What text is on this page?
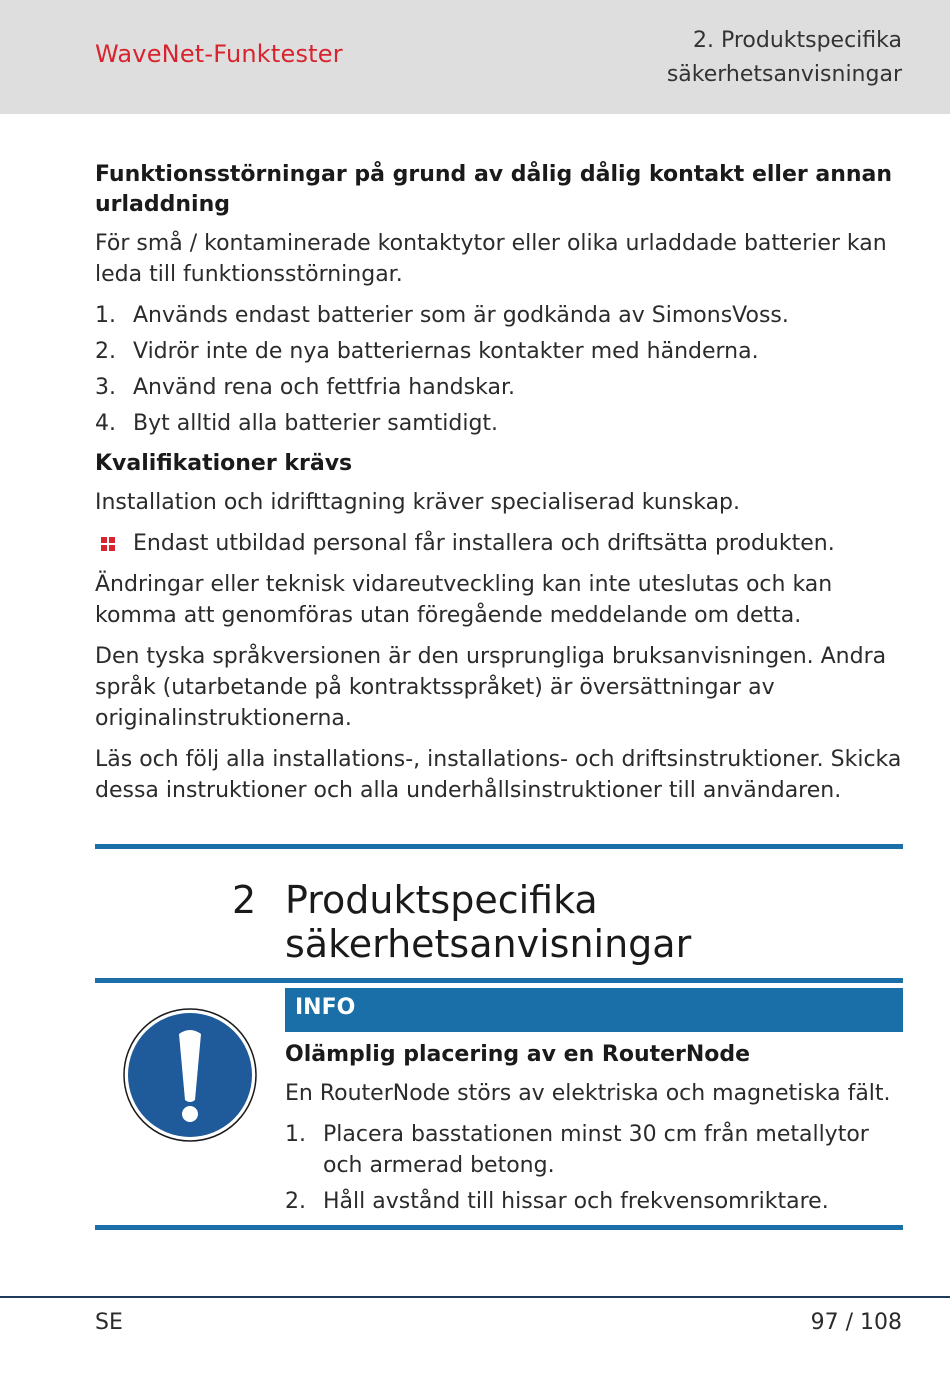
WaveNet-Funktester	2. Produktspecifika
säkerhetsanvisningar
Funktionsstörningar på grund av dålig dålig kontakt eller annan urladdning
För små / kontaminerade kontaktytor eller olika urladdade batterier kan leda till funktionsstörningar.
1. Används endast batterier som är godkända av SimonsVoss.
2. Vidrör inte de nya batteriernas kontakter med händerna.
3. Använd rena och fettfria handskar.
4. Byt alltid alla batterier samtidigt.
Kvalifikationer krävs
Installation och idrifttagning kräver specialiserad kunskap.
Endast utbildad personal får installera och driftsätta produkten.
Ändringar eller teknisk vidareutveckling kan inte uteslutas och kan komma att genomföras utan föregående meddelande om detta.
Den tyska språkversionen är den ursprungliga bruksanvisningen. Andra språk (utarbetande på kontraktsspråket) är översättningar av originalinstruktionerna.
Läs och följ alla installations-, installations- och driftsinstruktioner. Skicka dessa instruktioner och alla underhållsinstruktioner till användaren.
2 Produktspecifika
säkerhetsanvisningar
INFO
Olämplig placering av en RouterNode
En RouterNode störs av elektriska och magnetiska fält.
1. Placera basstationen minst 30 cm från metallytor och armerad betong.
2. Håll avstånd till hissar och frekvensomriktare.
SE	97 / 108
